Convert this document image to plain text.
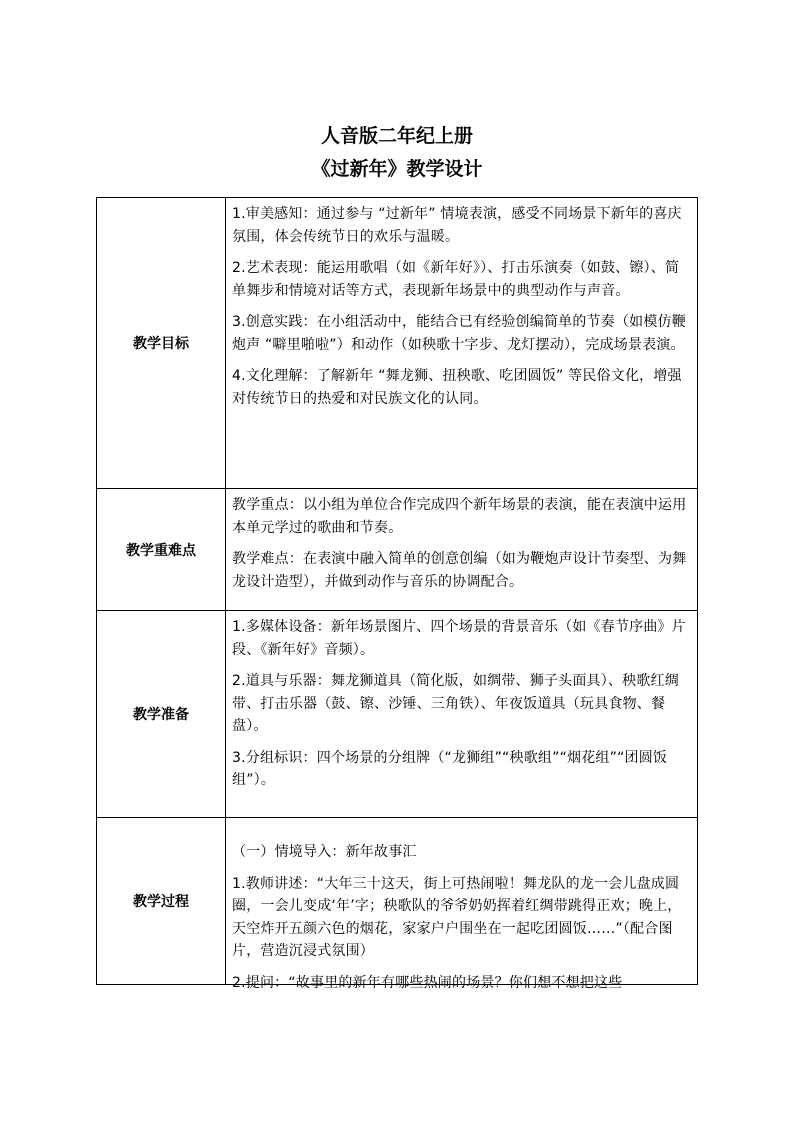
人音版二年纪上册
《过新年》教学设计
教学目标	1.审美感知：通过参与 “过新年” 情境表演，感受不同场景下新年的喜庆氛围，体会传统节日的欢乐与温暖。

2.艺术表现：能运用歌唱（如《新年好》）、打击乐演奏（如鼓、镲）、简单舞步和情境对话等方式，表现新年场景中的典型动作与声音。

3.创意实践：在小组活动中，能结合已有经验创编简单的节奏（如模仿鞭炮声 “噼里啪啦”）和动作（如秧歌十字步、龙灯摆动），完成场景表演。

4.文化理解：了解新年 “舞龙狮、扭秧歌、吃团圆饭” 等民俗文化，增强对传统节日的热爱和对民族文化的认同。

教学重难点	教学重点：以小组为单位合作完成四个新年场景的表演，能在表演中运用本单元学过的歌曲和节奏。

教学难点：在表演中融入简单的创意创编（如为鞭炮声设计节奏型、为舞龙设计造型），并做到动作与音乐的协调配合。

教学准备	1.多媒体设备：新年场景图片、四个场景的背景音乐（如《春节序曲》片段、《新年好》音频）。

2.道具与乐器：舞龙狮道具（简化版，如绸带、狮子头面具）、秧歌红绸带、打击乐器（鼓、镲、沙锤、三角铁）、年夜饭道具（玩具食物、餐盘）。

3.分组标识：四个场景的分组牌（“龙狮组”“秧歌组”“烟花组”“团圆饭组”）。

教学过程	（一）情境导入：新年故事汇

1.教师讲述：“大年三十这天，街上可热闹啦！舞龙队的龙一会儿盘成圆圈，一会儿变成‘年’字；秧歌队的爷爷奶奶挥着红绸带跳得正欢；晚上，天空炸开五颜六色的烟花，家家户户围坐在一起吃团圆饭……”（配合图片，营造沉浸式氛围）

2.提问：“故事里的新年有哪些热闹的场景？你们想不想把这些
